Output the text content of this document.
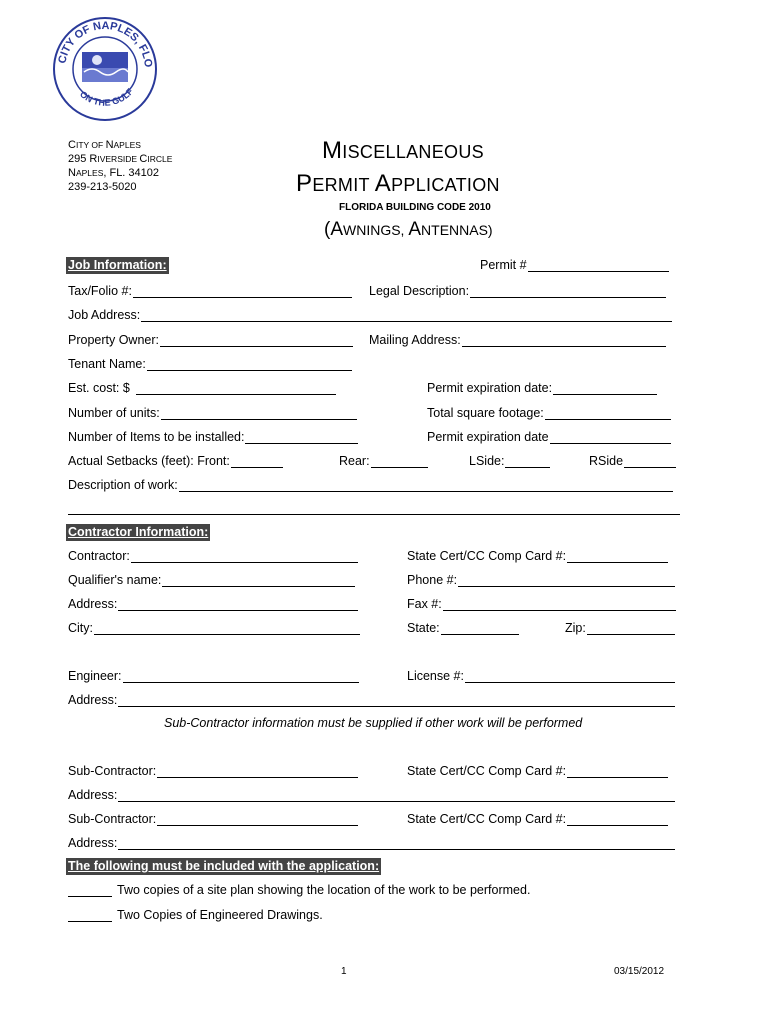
CITY OF NAPLES, FLO
ON THE GULF
CITY OF NAPLES
295 RIVERSIDE CIRCLE
NAPLES, FL. 34102
239-213-5020
MISCELLANEOUS
PERMIT APPLICATION
FLORIDA BUILDING CODE 2010
(AWNINGS, ANTENNAS)
Job Information:	Permit #
Tax/Folio #:	Legal Description:
Job Address:
Property Owner:	Mailing Address:
Tenant Name:
Est. cost: $	Permit expiration date:
Number of units:	Total square footage:
Number of Items to be installed:	Permit expiration date
Actual Setbacks (feet): Front:	Rear:	LSide:	RSide
Description of work:
Contractor Information:
Contractor:	State Cert/CC Comp Card #:
Qualifier's name:	Phone #:
Address:	Fax #:
City:	State:	Zip:
Engineer:	License #:
Address:
Sub-Contractor information must be supplied if other work will be performed
Sub-Contractor:	State Cert/CC Comp Card #:
Address:
Sub-Contractor:	State Cert/CC Comp Card #:
Address:
The following must be included with the application:
Two copies of a site plan showing the location of the work to be performed.
Two Copies of Engineered Drawings.
1	03/15/2012
